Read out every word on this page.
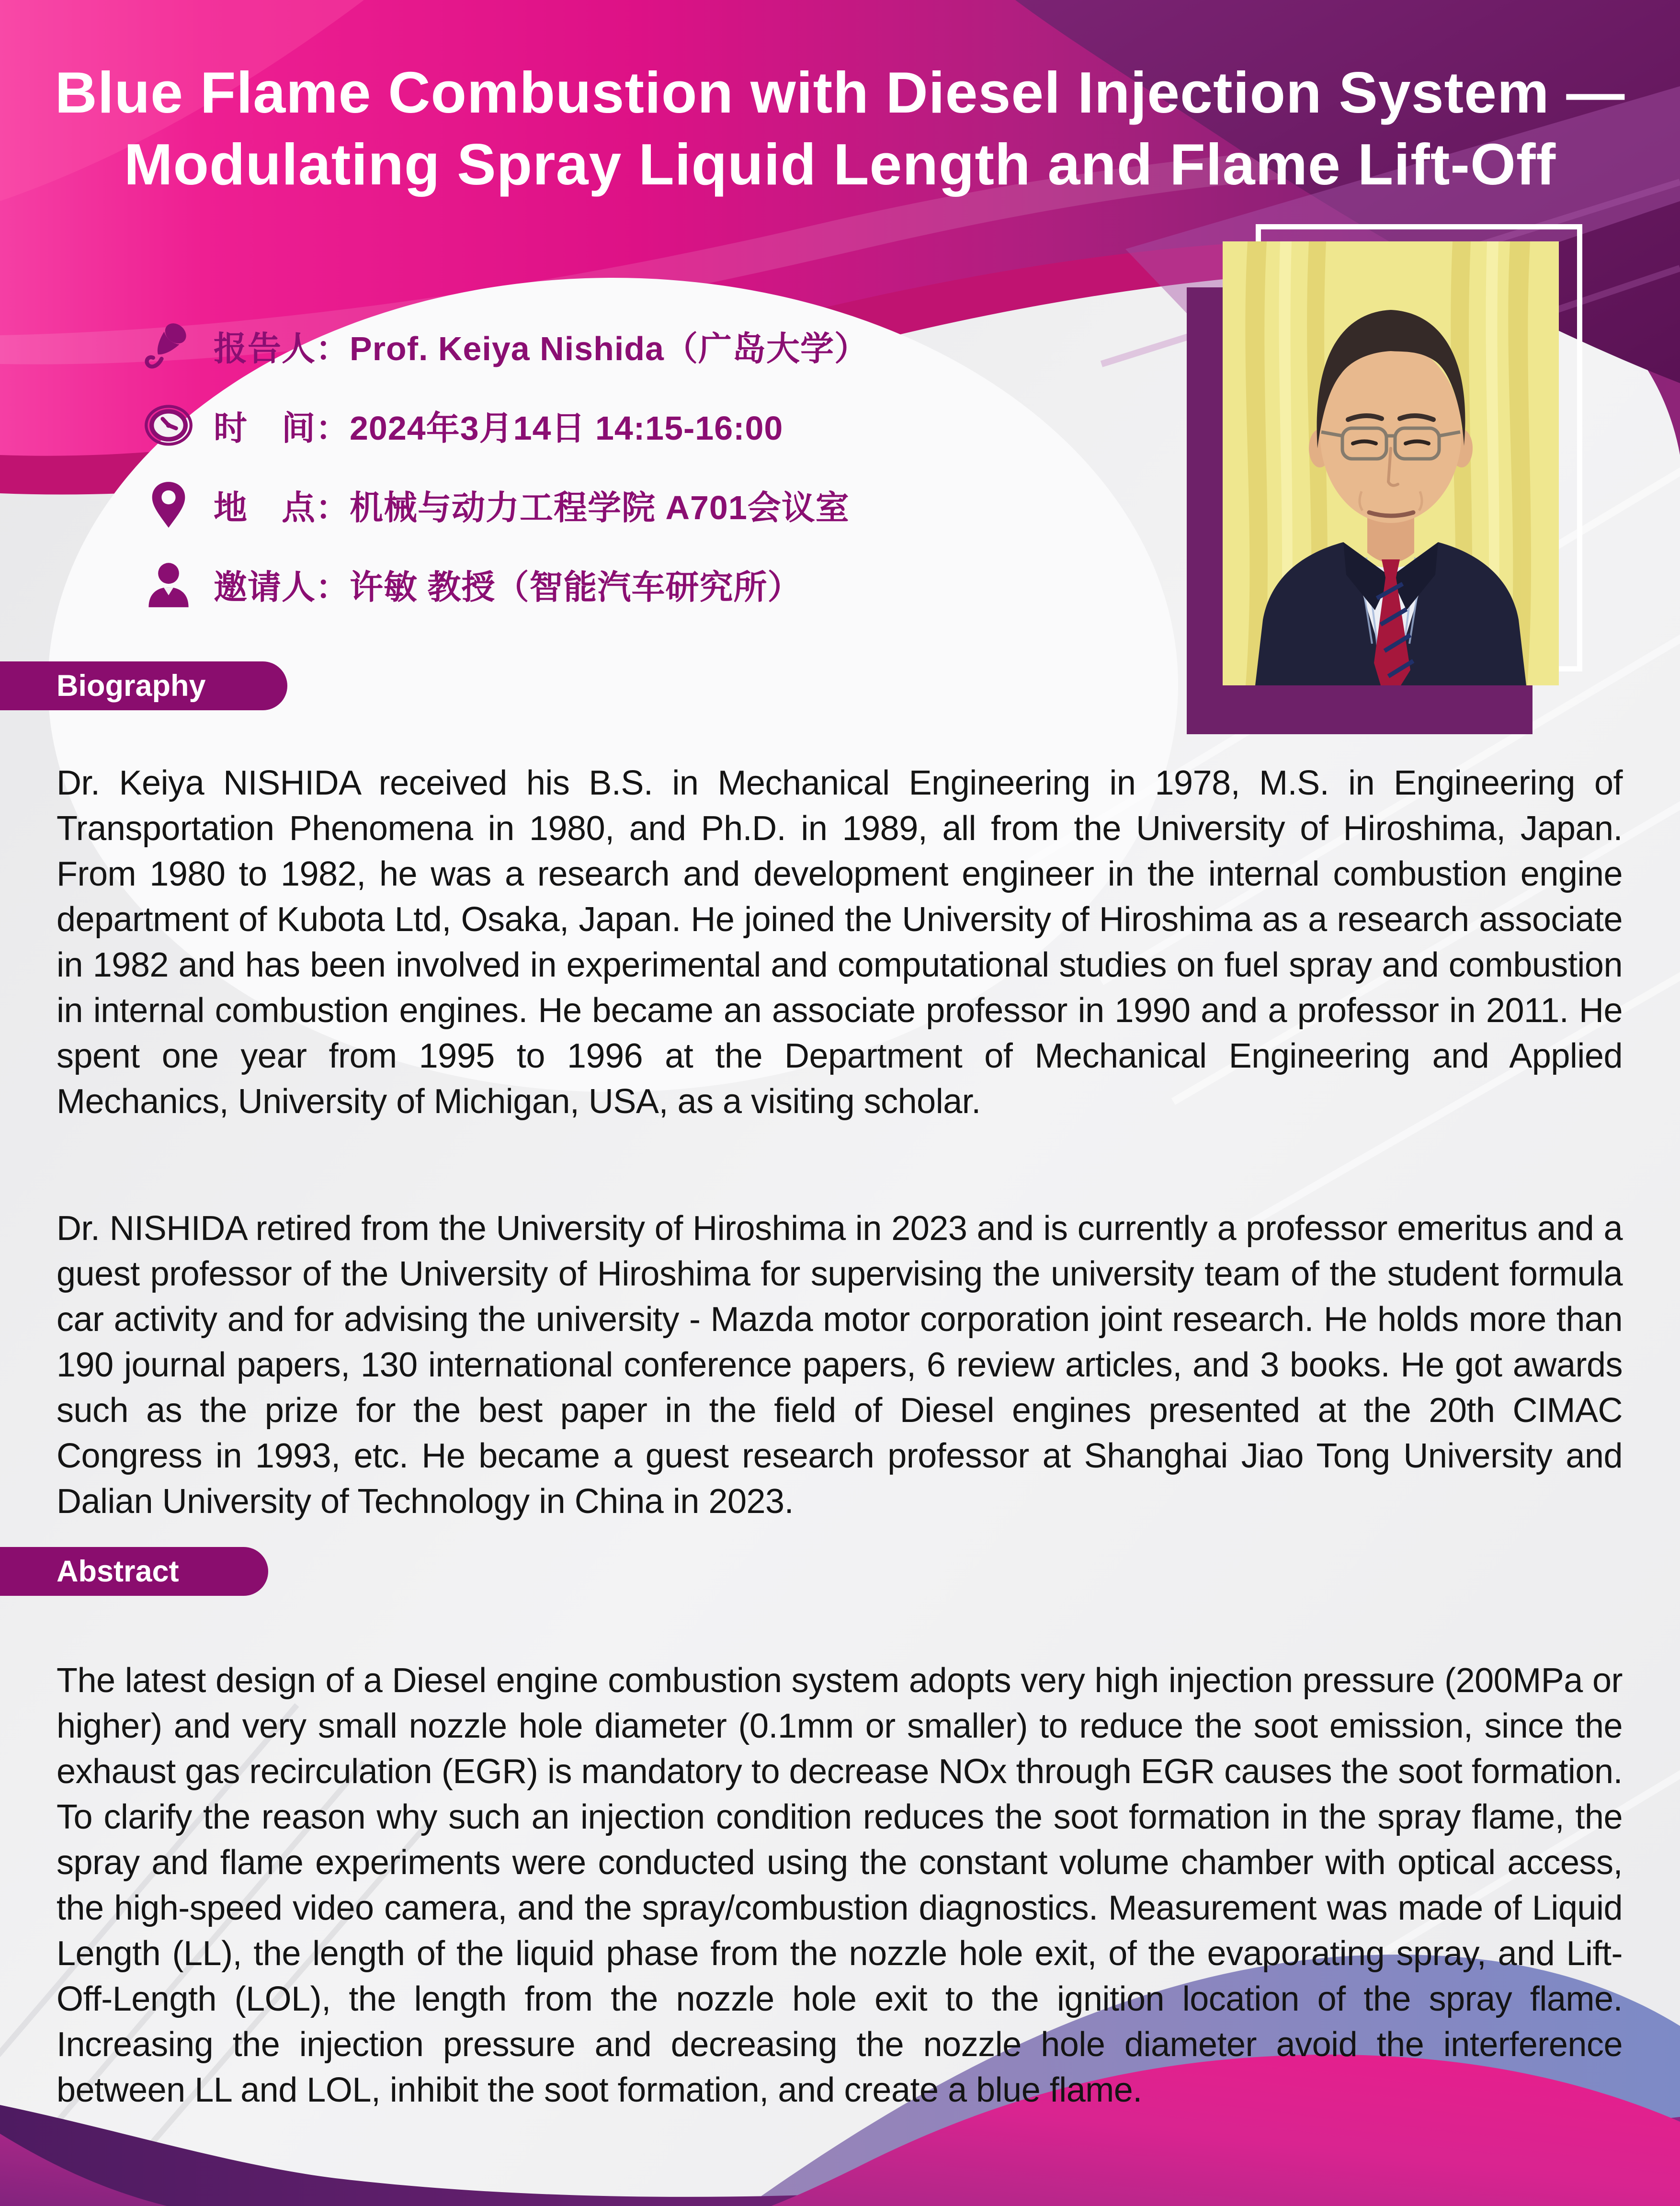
Blue Flame Combustion with Diesel Injection System —
Modulating Spray Liquid Length and Flame Lift-Off
报告人：Prof. Keiya Nishida（广岛大学）
时　间：2024年3月14日 14:15-16:00
地　点：机械与动力工程学院 A701会议室
邀请人：许敏 教授（智能汽车研究所）
Biography

Dr. Keiya NISHIDA received his B.S. in Mechanical Engineering in 1978, M.S. in Engineering of Transportation Phenomena in 1980, and Ph.D. in 1989, all from the University of Hiroshima, Japan. From 1980 to 1982, he was a research and development engineer in the internal combustion engine department of Kubota Ltd, Osaka, Japan. He joined the University of Hiroshima as a research associate in 1982 and has been involved in experimental and computational studies on fuel spray and combustion in internal combustion engines. He became an associate professor in 1990 and a professor in 2011. He spent one year from 1995 to 1996 at the Department of Mechanical Engineering and Applied Mechanics, University of Michigan, USA, as a visiting scholar.

Dr. NISHIDA retired from the University of Hiroshima in 2023 and is currently a professor emeritus and a guest professor of the University of Hiroshima for supervising the university team of the student formula car activity and for advising the university - Mazda motor corporation joint research. He holds more than 190 journal papers, 130 international conference papers, 6 review articles, and 3 books. He got awards such as the prize for the best paper in the field of Diesel engines presented at the 20th CIMAC Congress in 1993, etc. He became a guest research professor at Shanghai Jiao Tong University and Dalian University of Technology in China in 2023.

Abstract

The latest design of a Diesel engine combustion system adopts very high injection pressure (200MPa or higher) and very small nozzle hole diameter (0.1mm or smaller) to reduce the soot emission, since the exhaust gas recirculation (EGR) is mandatory to decrease NOx through EGR causes the soot formation. To clarify the reason why such an injection condition reduces the soot formation in the spray flame, the spray and flame experiments were conducted using the constant volume chamber with optical access, the high-speed video camera, and the spray/combustion diagnostics. Measurement was made of Liquid Length (LL), the length of the liquid phase from the nozzle hole exit, of the evaporating spray, and Lift-Off-Length (LOL), the length from the nozzle hole exit to the ignition location of the spray flame. Increasing the injection pressure and decreasing the nozzle hole diameter avoid the interference between LL and LOL, inhibit the soot formation, and create a blue flame.
